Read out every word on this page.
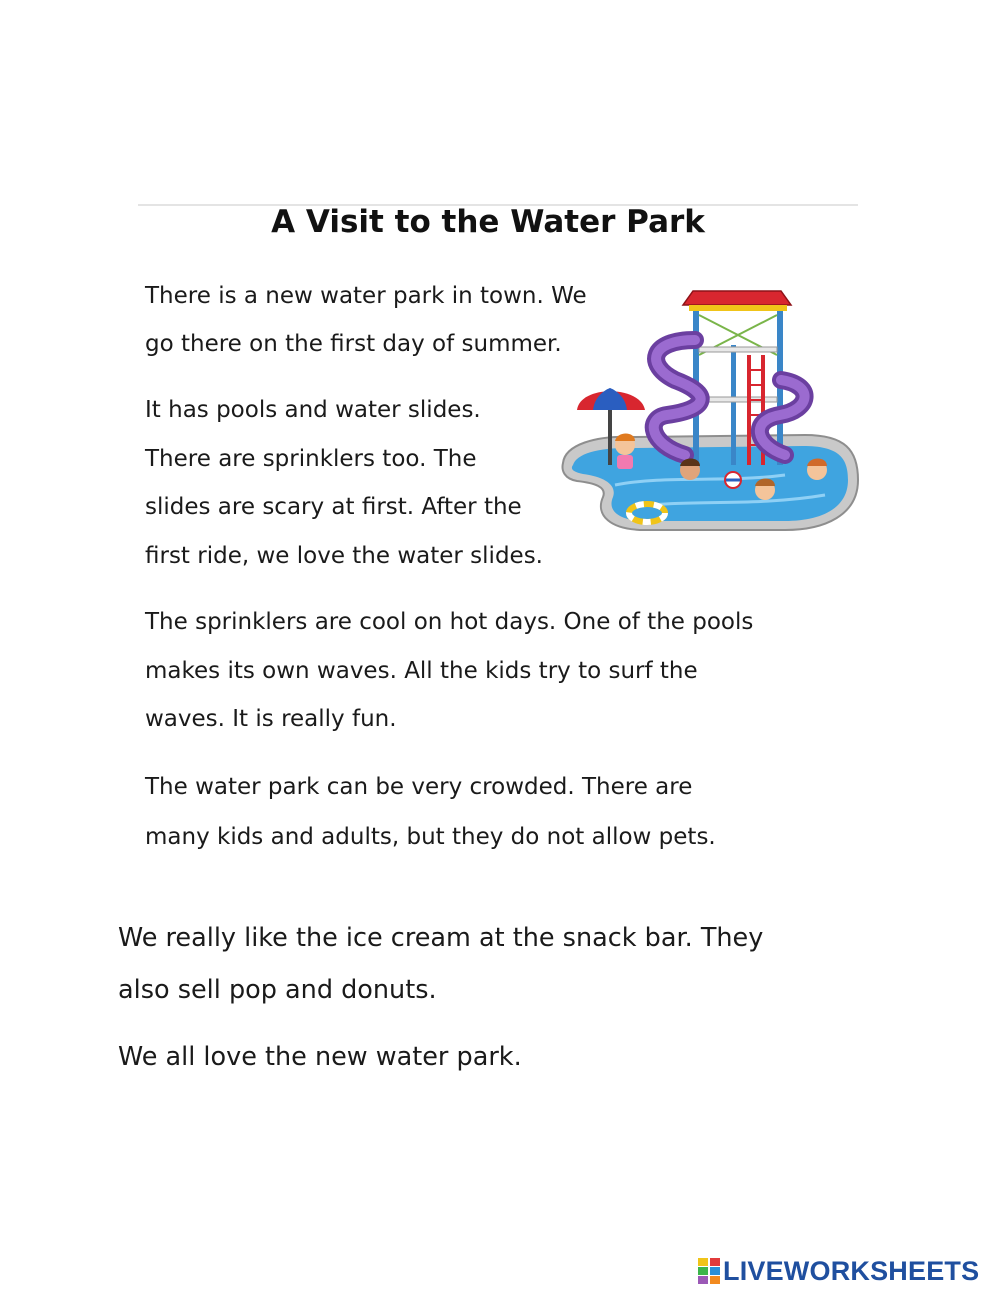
A Visit to the Water Park
There is a new water park in town. We
go there on the first day of summer.
It has pools and water slides.
There are sprinklers too. The
slides are scary at first. After the
first ride, we love the water slides.
The sprinklers are cool on hot days. One of the pools
makes its own waves. All the kids try to surf the
waves. It is really fun.
The water park can be very crowded. There are
many kids and adults, but they do not allow pets.
We really like the ice cream at the snack bar. They
also sell pop and donuts.
We all love the new water park.
LIVEWORKSHEETS
